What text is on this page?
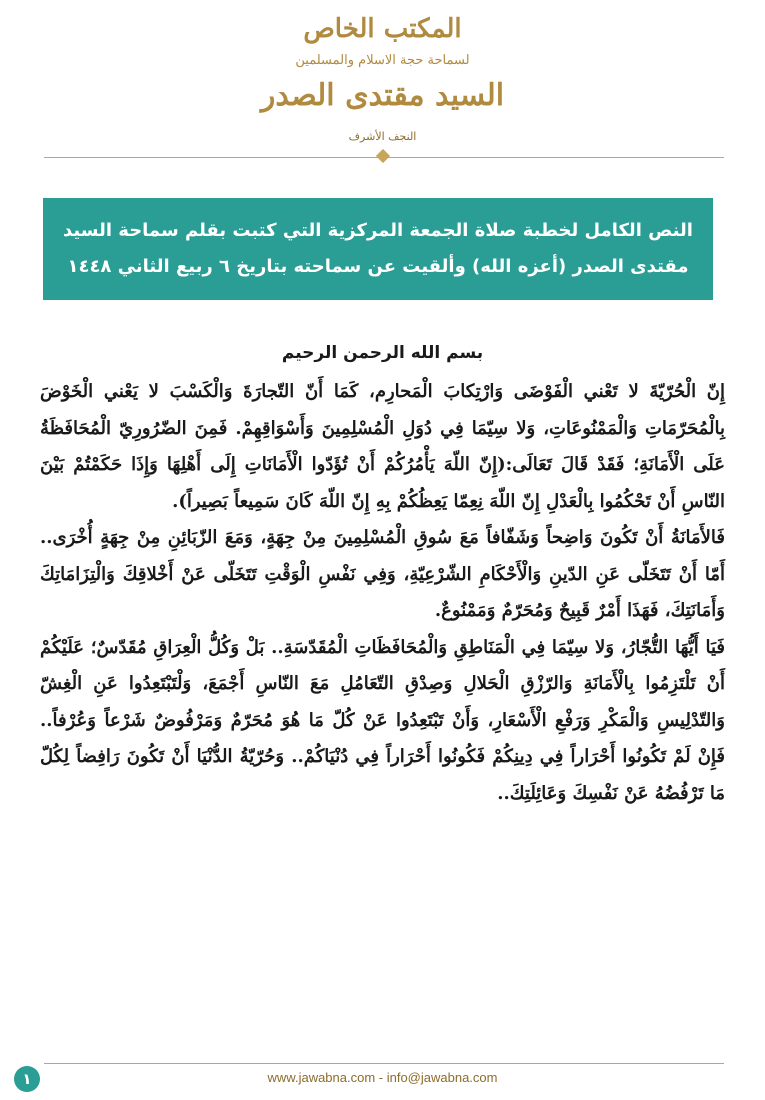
المكتب الخاص
لسماحة حجة الاسلام والمسلمين
السيد مقتدى الصدر
النجف الأشرف
النص الكامل لخطبة صلاة الجمعة المركزية التي كتبت بقلم سماحة السيد مقتدى الصدر (أعزه الله) وألقيت عن سماحته بتاريخ ٦ ربيع الثاني ١٤٤٨

بسم الله الرحمن الرحيم

إِنّ الْحُرّيّةَ لا تَعْني الْفَوْضَى وَارْتِكابَ الْمَحارِم، كَمَا أَنّ التّجارَةَ وَالْكَسْبَ لا يَعْني الْخَوْضَ بِالْمُحَرّمَاتِ وَالْمَمْنُوعَاتِ، وَلا سِيّمَا فِي دُوَلِ الْمُسْلِمِينَ وَأَسْوَاقِهِمْ. فَمِنَ الضّرُورِيّ الْمُحَافَظَةُ عَلَى الْأَمَانَةِ؛ فَقَدْ قَالَ تَعَالَى:(إِنّ اللّهَ يَأْمُرُكُمْ أَنْ تُؤَدّوا الْأَمَانَاتِ إِلَى أَهْلِهَا وَإِذَا حَكَمْتُمْ بَيْنَ النّاسِ أَنْ تَحْكُمُوا بِالْعَدْلِ إِنّ اللّهَ نِعِمّا يَعِظُكُمْ بِهِ إِنّ اللّهَ كَانَ سَمِيعاً بَصِيراً).

فَالأَمَانَةُ أَنْ تَكُونَ وَاضِحاً وَشَفّافاً مَعَ سُوقِ الْمُسْلِمِينَ مِنْ جِهَةٍ، وَمَعَ الزّبَائِنِ مِنْ جِهَةٍ أُخْرَى.. أَمّا أَنْ تَتَخَلّى عَنِ الدّينِ وَالْأَحْكَامِ الشّرْعِيّةِ، وَفِي نَفْسِ الْوَقْتِ تَتَخَلّى عَنْ أَخْلاقِكَ وَالْتِزَامَاتِكَ وَأَمَانَتِكَ، فَهَذَا أَمْرٌ قَبِيحٌ وَمُحَرّمٌ وَمَمْنُوعٌ.

فَيَا أَيُّهَا التُّجّارُ، وَلا سِيّمَا فِي الْمَنَاطِقِ وَالْمُحَافَظَاتِ الْمُقَدّسَةِ.. بَلْ وَكُلُّ الْعِرَاقِ مُقَدّسٌ؛ عَلَيْكُمْ أَنْ تَلْتَزِمُوا بِالْأَمَانَةِ وَالرّزْقِ الْحَلالِ وَصِدْقِ التّعَامُلِ مَعَ النّاسِ أَجْمَعَ، وَلْتَبْتَعِدُوا عَنِ الْغِشّ وَالتّدْلِيسِ وَالْمَكْرِ وَرَفْعِ الْأَسْعَارِ، وَأَنْ تَبْتَعِدُوا عَنْ كُلّ مَا هُوَ مُحَرّمٌ وَمَرْفُوضٌ شَرْعاً وَعُرْفاً.. فَإِنْ لَمْ تَكُونُوا أَحْرَاراً فِي دِينِكُمْ فَكُونُوا أَحْرَاراً فِي دُنْيَاكُمْ.. وَحُرّيّةُ الدُّنْيَا أَنْ تَكُونَ رَافِضاً لِكُلّ مَا تَرْفُضُهُ عَنْ نَفْسِكَ وَعَائِلَتِكَ..

١	www.jawabna.com - info@jawabna.com
